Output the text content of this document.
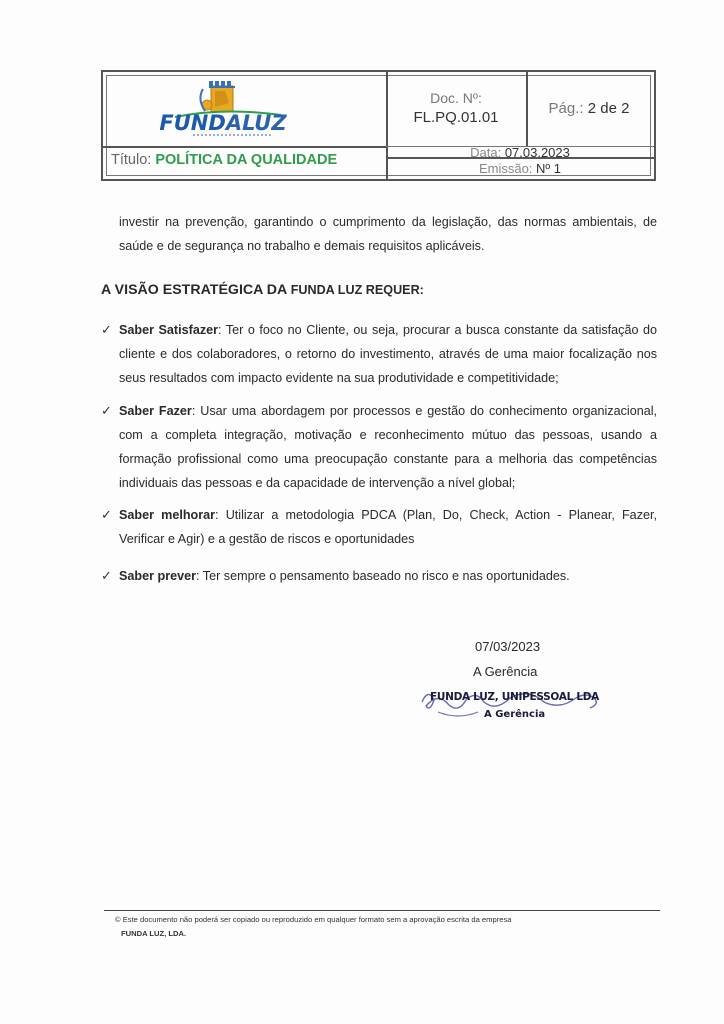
FUNDALUZ
Título: POLÍTICA DA QUALIDADE
Doc. Nº:
FL.PQ.01.01
Pág.: 2 de 2
Data: 07.03.2023
Emissão: Nº 1
investir na prevenção, garantindo o cumprimento da legislação, das normas ambientais, de saúde e de segurança no trabalho e demais requisitos aplicáveis.
A VISÃO ESTRATÉGICA DA FUNDA LUZ REQUER:
✓ Saber Satisfazer: Ter o foco no Cliente, ou seja, procurar a busca constante da satisfação do cliente e dos colaboradores, o retorno do investimento, através de uma maior focalização nos seus resultados com impacto evidente na sua produtividade e competitividade;
✓ Saber Fazer: Usar uma abordagem por processos e gestão do conhecimento organizacional, com a completa integração, motivação e reconhecimento mútuo das pessoas, usando a formação profissional como uma preocupação constante para a melhoria das competências individuais das pessoas e da capacidade de intervenção a nível global;
✓ Saber melhorar: Utilizar a metodologia PDCA (Plan, Do, Check, Action - Planear, Fazer, Verificar e Agir) e a gestão de riscos e oportunidades
✓ Saber prever: Ter sempre o pensamento baseado no risco e nas oportunidades.
07/03/2023
A Gerência
FUNDA LUZ, UNIPESSOAL LDA
A Gerência
© Este documento não poderá ser copiado ou reproduzido em qualquer formato sem a aprovação escrita da empresa
FUNDA LUZ, LDA.
